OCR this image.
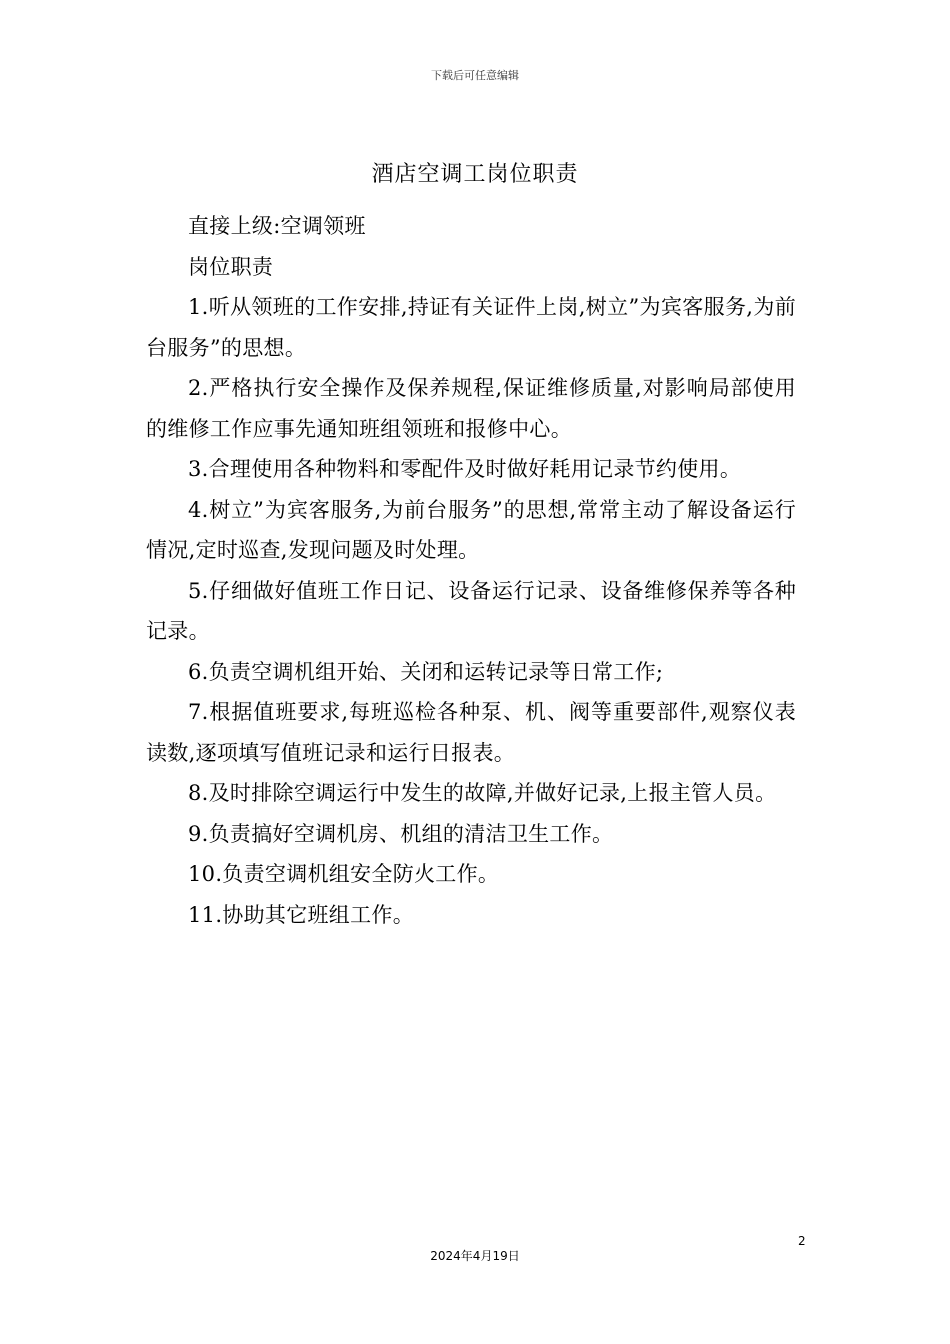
下载后可任意编辑
酒店空调工岗位职责

直接上级:空调领班

岗位职责

1.听从领班的工作安排,持证有关证件上岗,树立”为宾客服务,为前台服务”的思想。

2.严格执行安全操作及保养规程,保证维修质量,对影响局部使用的维修工作应事先通知班组领班和报修中心。

3.合理使用各种物料和零配件及时做好耗用记录节约使用。

4.树立”为宾客服务,为前台服务”的思想,常常主动了解设备运行情况,定时巡查,发现问题及时处理。

5.仔细做好值班工作日记、设备运行记录、设备维修保养等各种记录。

6.负责空调机组开始、关闭和运转记录等日常工作;

7.根据值班要求,每班巡检各种泵、机、阀等重要部件,观察仪表读数,逐项填写值班记录和运行日报表。

8.及时排除空调运行中发生的故障,并做好记录,上报主管人员。

9.负责搞好空调机房、机组的清洁卫生工作。

10.负责空调机组安全防火工作。

11.协助其它班组工作。

2
2024年4月19日
